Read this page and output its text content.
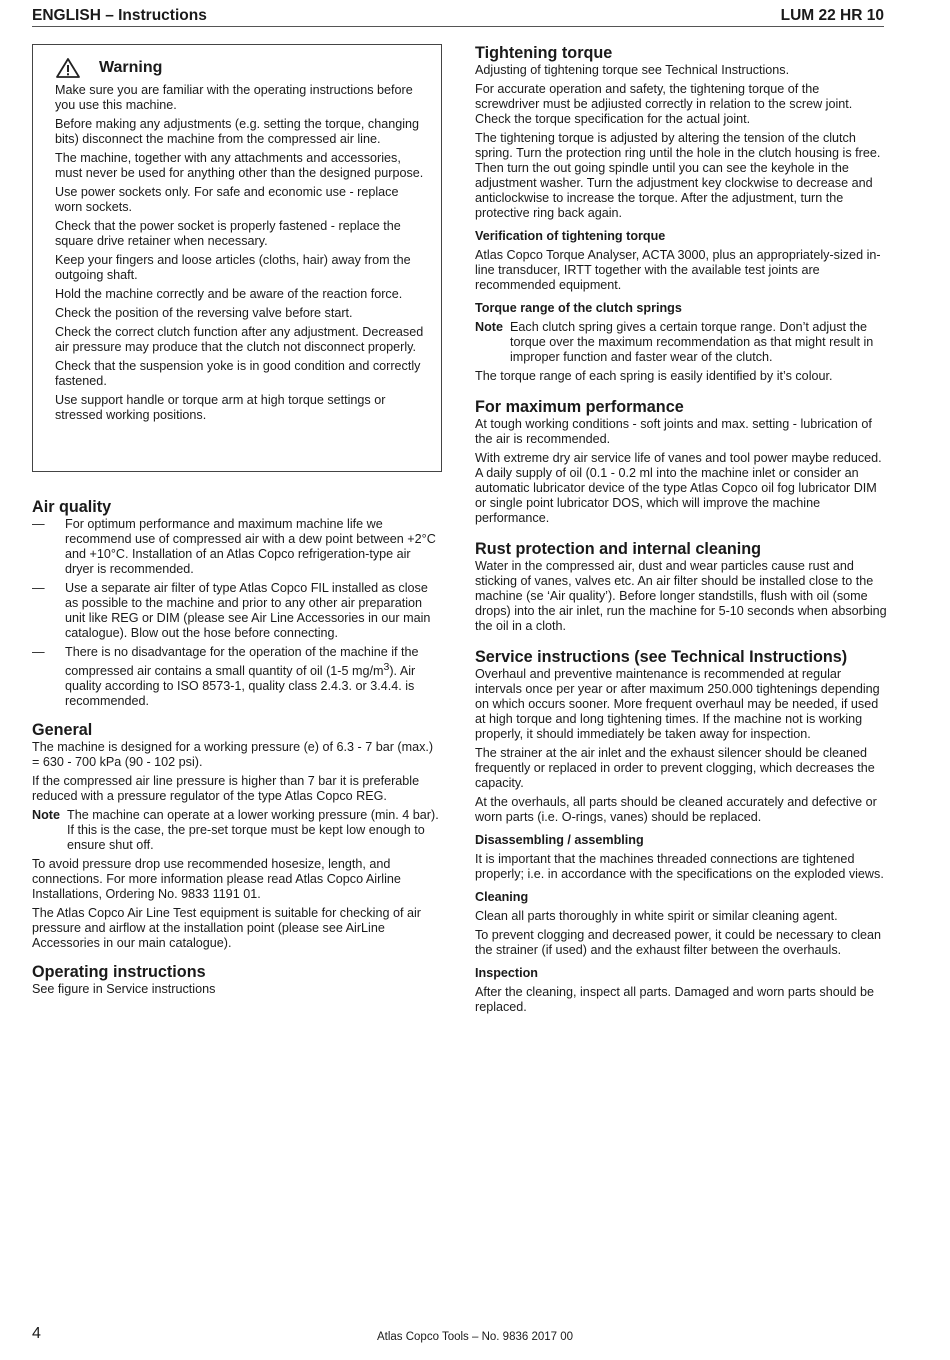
ENGLISH – Instructions	LUM 22 HR 10
Warning

Make sure you are familiar with the operating instructions before you use this machine.

Before making any adjustments (e.g. setting the torque, changing bits) disconnect the machine from the compressed air line.

The machine, together with any attachments and accessories, must never be used for anything other than the designed purpose.

Use power sockets only. For safe and economic use - replace worn sockets.

Check that the power socket is properly fastened - replace the square drive retainer when necessary.

Keep your fingers and loose articles (cloths, hair) away from the outgoing shaft.

Hold the machine correctly and be aware of the reaction force.

Check the position of the reversing valve before start.

Check the correct clutch function after any adjustment. Decreased air pressure may produce that the clutch not disconnect properly.

Check that the suspension yoke is in good condition and correctly fastened.

Use support handle or torque arm at high torque settings or stressed working positions.

Air quality
—	For optimum performance and maximum machine life we recommend use of compressed air with a dew point between +2°C and +10°C. Installation of an Atlas Copco refrigeration-type air dryer is recommended.
—	Use a separate air filter of type Atlas Copco FIL installed as close as possible to the machine and prior to any other air preparation unit like REG or DIM (please see Air Line Accessories in our main catalogue). Blow out the hose before connecting.
—	There is no disadvantage for the operation of the machine if the compressed air contains a small quantity of oil (1-5 $mg/m^3$). Air quality according to ISO 8573-1, quality class 2.4.3. or 3.4.4. is recommended.
General

The machine is designed for a working pressure (e) of 6.3 - 7 bar (max.) = 630 - 700 kPa (90 - 102 psi).

If the compressed air line pressure is higher than 7 bar it is preferable reduced with a pressure regulator of the type Atlas Copco REG.

Note The machine can operate at a lower working pressure (min. 4 bar). If this is the case, the pre-set torque must be kept low enough to ensure shut off.

To avoid pressure drop use recommended hosesize, length, and connections. For more information please read Atlas Copco Airline Installations, Ordering No. 9833 1191 01.

The Atlas Copco Air Line Test equipment is suitable for checking of air pressure and airflow at the installation point (please see AirLine Accessories in our main catalogue).

Operating instructions

See figure in Service instructions

Tightening torque

Adjusting of tightening torque see Technical Instructions.

For accurate operation and safety, the tightening torque of the screwdriver must be adjiusted correctly in relation to the screw joint. Check the torque specification for the actual joint.

The tightening torque is adjusted by altering the tension of the clutch spring. Turn the protection ring until the hole in the clutch housing is free. Then turn the out going spindle until you can see the keyhole in the adjustment washer. Turn the adjustment key clockwise to decrease and anticlockwise to increase the torque. After the adjustment, turn the protective ring back again.

Verification of tightening torque

Atlas Copco Torque Analyser, ACTA 3000, plus an appropriately-sized in-line transducer, IRTT together with the available test joints are recommended equipment.

Torque range of the clutch springs
Note Each clutch spring gives a certain torque range. Don’t adjust the torque over the maximum recommendation as that might result in improper function and faster wear of the clutch.

The torque range of each spring is easily identified by it’s colour.

For maximum performance

At tough working conditions - soft joints and max. setting - lubrication of the air is recommended.

With extreme dry air service life of vanes and tool power maybe reduced. A daily supply of oil (0.1 - 0.2 ml into the machine inlet or consider an automatic lubricator device of the type Atlas Copco oil fog lubricator DIM or single point lubricator DOS, which will improve the machine performance.

Rust protection and internal cleaning

Water in the compressed air, dust and wear particles cause rust and sticking of vanes, valves etc. An air filter should be installed close to the machine (se ‘Air quality’). Before longer standstills, flush with oil (some drops) into the air inlet, run the machine for 5-10 seconds when absorbing the oil in a cloth.

Service instructions (see Technical Instructions)

Overhaul and preventive maintenance is recommended at regular intervals once per year or after maximum 250.000 tightenings depending on which occurs sooner. More frequent overhaul may be needed, if used at high torque and long tightening times. If the machine not is working properly, it should immediately be taken away for inspection.

The strainer at the air inlet and the exhaust silencer should be cleaned frequently or replaced in order to prevent clogging, which decreases the capacity.

At the overhauls, all parts should be cleaned accurately and defective or worn parts (i.e. O-rings, vanes) should be replaced.

Disassembling / assembling

It is important that the machines threaded connections are tightened properly; i.e. in accordance with the specifications on the exploded views.

Cleaning

Clean all parts thoroughly in white spirit or similar cleaning agent.

To prevent clogging and decreased power, it could be necessary to clean the strainer (if used) and the exhaust filter between the overhauls.

Inspection

After the cleaning, inspect all parts. Damaged and worn parts should be replaced.

4	Atlas Copco Tools – No. 9836 2017 00
